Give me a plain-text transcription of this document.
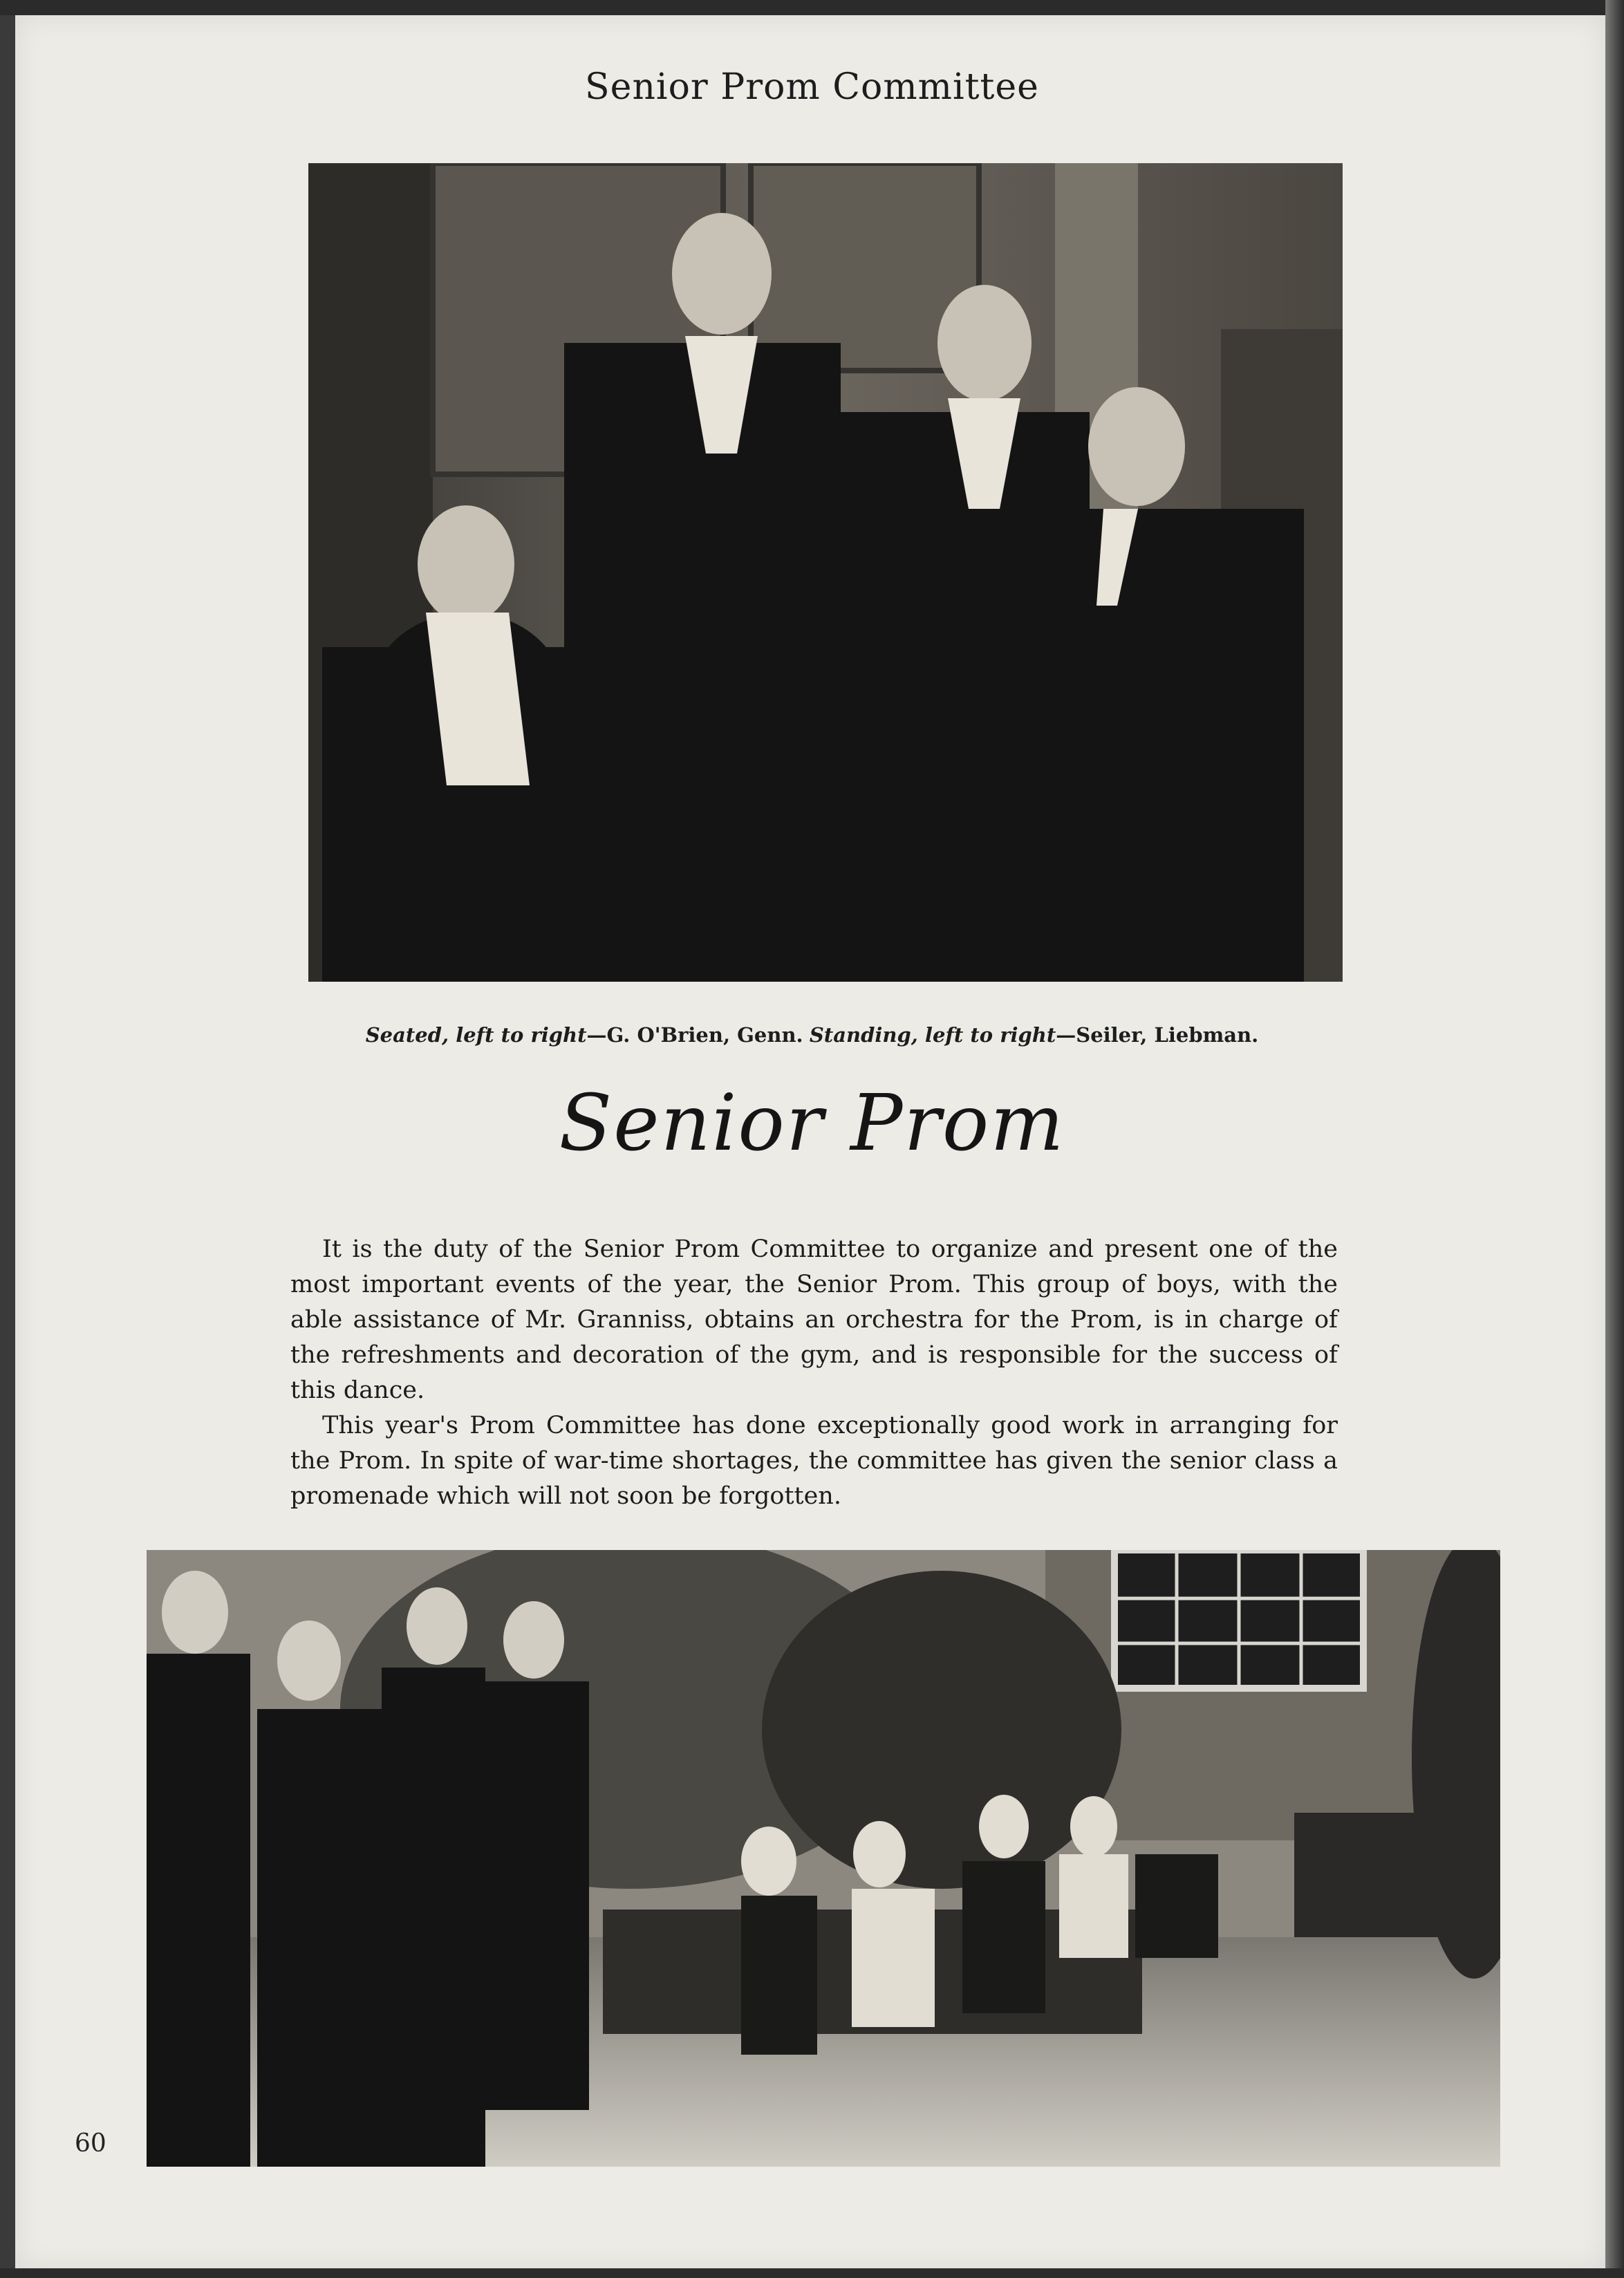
Senior Prom Committee
Seated, left to right—G. O'Brien, Genn. Standing, left to right—Seiler, Liebman.
Senior Prom

It is the duty of the Senior Prom Committee to organize and present one of the most important events of the year, the Senior Prom. This group of boys, with the able assistance of Mr. Granniss, obtains an orchestra for the Prom, is in charge of the refreshments and decoration of the gym, and is responsible for the success of this dance.

This year's Prom Committee has done exceptionally good work in arranging for the Prom. In spite of war-time shortages, the committee has given the senior class a promenade which will not soon be forgotten.

60
